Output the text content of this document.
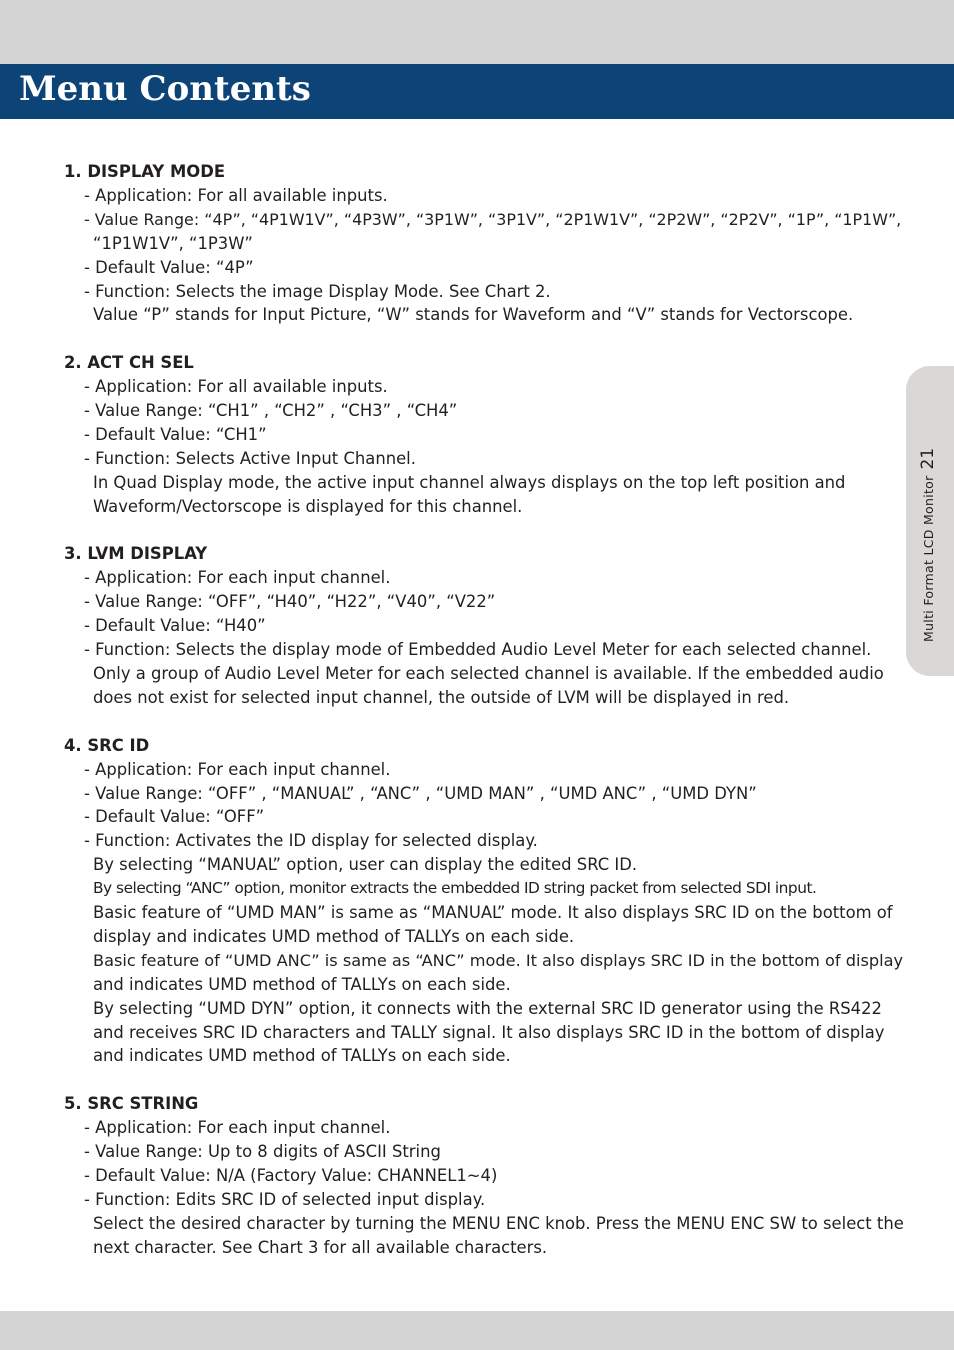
Menu Contents
Multi Format LCD Monitor
21
1. DISPLAY MODE
- Application: For all available inputs.
- Value Range: “4P”, “4P1W1V”, “4P3W”, “3P1W”, “3P1V”, “2P1W1V”, “2P2W”, “2P2V”, “1P”, “1P1W”,
“1P1W1V”, “1P3W”
- Default Value: “4P”
- Function: Selects the image Display Mode. See Chart 2.
Value “P” stands for Input Picture, “W” stands for Waveform and “V” stands for Vectorscope.
2. ACT CH SEL
- Application: For all available inputs.
- Value Range: “CH1” , “CH2” , “CH3” , “CH4”
- Default Value: “CH1”
- Function: Selects Active Input Channel.
In Quad Display mode, the active input channel always displays on the top left position and
Waveform/Vectorscope is displayed for this channel.
3. LVM DISPLAY
- Application: For each input channel.
- Value Range: “OFF”, “H40”, “H22”, “V40”, “V22”
- Default Value: “H40”
- Function: Selects the display mode of Embedded Audio Level Meter for each selected channel.
Only a group of Audio Level Meter for each selected channel is available. If the embedded audio
does not exist for selected input channel, the outside of LVM will be displayed in red.
4. SRC ID
- Application: For each input channel.
- Value Range: “OFF” , “MANUAL” , “ANC” , “UMD MAN” , “UMD ANC” , “UMD DYN”
- Default Value: “OFF”
- Function: Activates the ID display for selected display.
By selecting “MANUAL” option, user can display the edited SRC ID.
By selecting “ANC” option, monitor extracts the embedded ID string packet from selected SDI input.
Basic feature of “UMD MAN” is same as “MANUAL” mode. It also displays SRC ID on the bottom of
display and indicates UMD method of TALLYs on each side.
Basic feature of “UMD ANC” is same as “ANC” mode. It also displays SRC ID in the bottom of display
and indicates UMD method of TALLYs on each side.
By selecting “UMD DYN” option, it connects with the external SRC ID generator using the RS422
and receives SRC ID characters and TALLY signal. It also displays SRC ID in the bottom of display
and indicates UMD method of TALLYs on each side.
5. SRC STRING
- Application: For each input channel.
- Value Range: Up to 8 digits of ASCII String
- Default Value: N/A (Factory Value: CHANNEL1~4)
- Function: Edits SRC ID of selected input display.
Select the desired character by turning the MENU ENC knob. Press the MENU ENC SW to select the
next character. See Chart 3 for all available characters.
